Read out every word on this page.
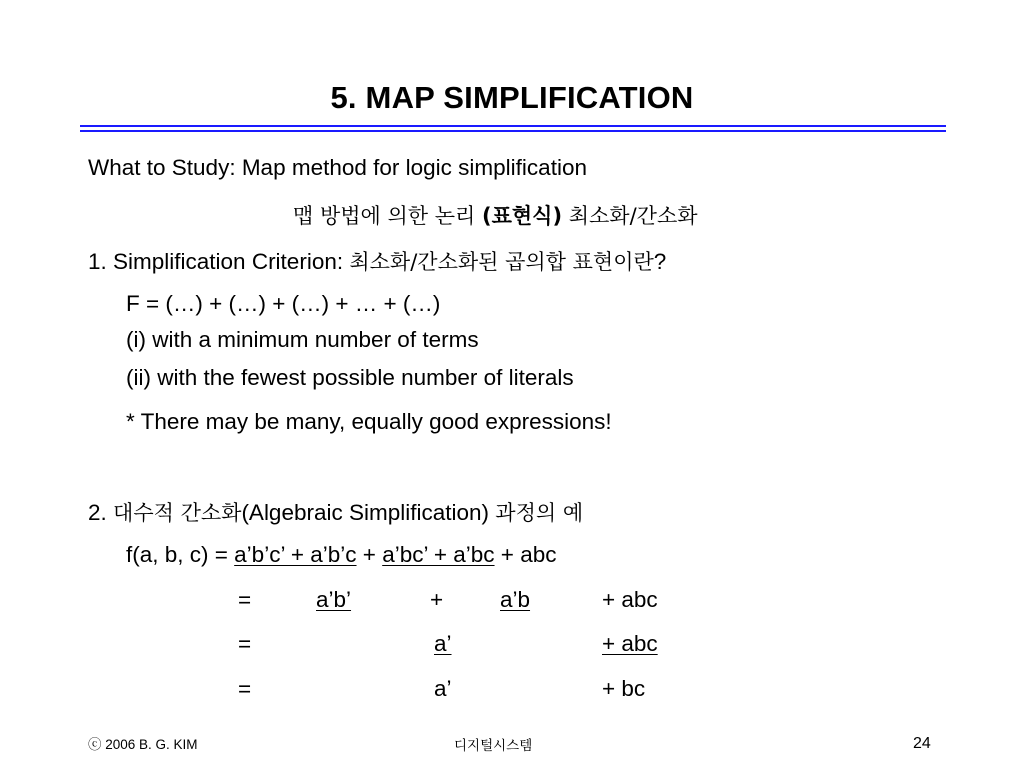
5. MAP SIMPLIFICATION
What to Study: Map method for logic simplification
맵 방법에 의한 논리 (표현식) 최소화/간소화
1. Simplification Criterion: 최소화/간소화된 곱의합 표현이란?
F = (…) + (…) + (…) + … + (…)
(i) with a minimum number of terms
(ii) with the fewest possible number of literals
* There may be many, equally good expressions!
2. 대수적 간소화(Algebraic Simplification) 과정의 예
f(a, b, c) = a’b’c’ + a’b’c + a’bc’ + a’bc + abc
=	a’b’	+	a’b	+ abc
=	a’	+ abc
=	a’	+ bc
ⓒ 2006 B. G. KIM	디지털시스템	24
